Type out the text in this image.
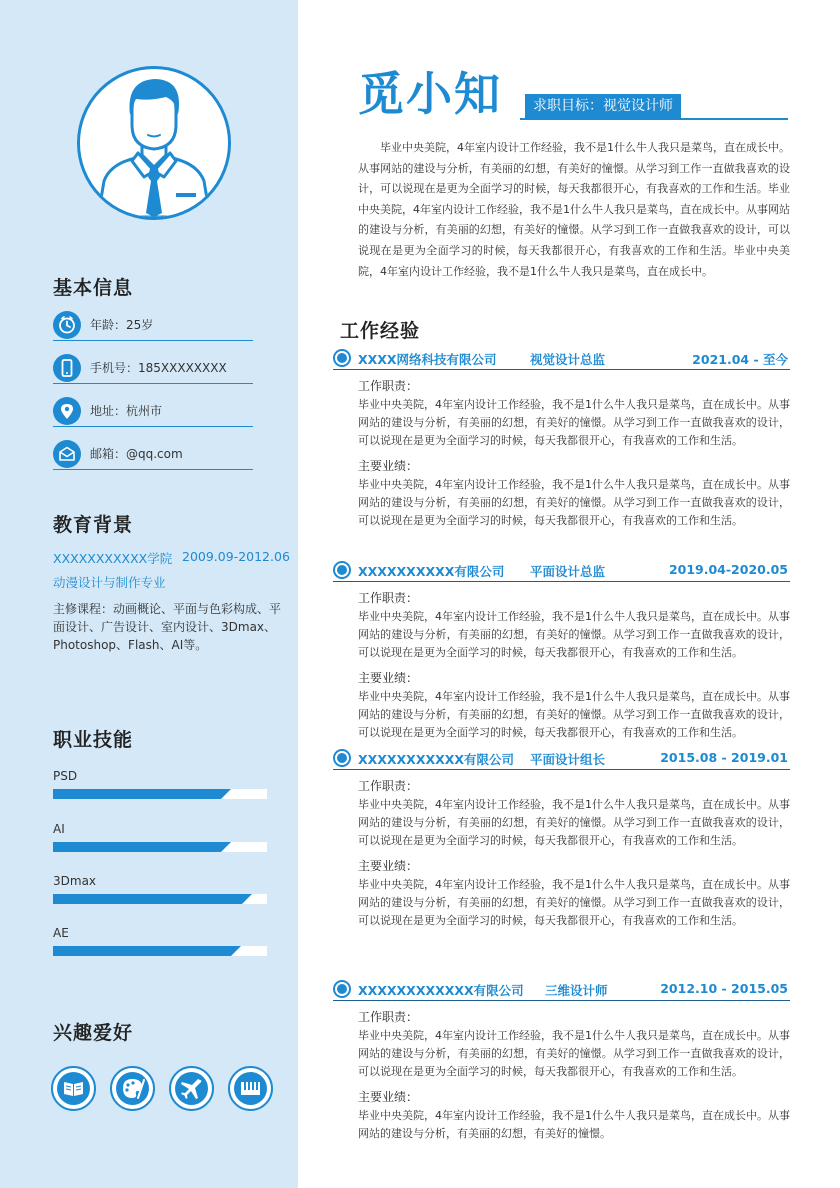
基本信息
年龄：25岁
手机号：185XXXXXXXX
地址：杭州市
邮箱：@qq.com
教育背景
XXXXXXXXXXX学院 2009.09-2012.06
动漫设计与制作专业
主修课程：动画概论、平面与色彩构成、平面设计、广告设计、室内设计、3Dmax、Photoshop、Flash、AI等。
职业技能
PSD
AI
3Dmax
AE
兴趣爱好
觅小知	求职目标：视觉设计师
毕业中央美院，4年室内设计工作经验，我不是1什么牛人我只是菜鸟，直在成长中。从事网站的建设与分析，有美丽的幻想，有美好的憧憬。从学习到工作一直做我喜欢的设计，可以说现在是更为全面学习的时候，每天我都很开心，有我喜欢的工作和生活。毕业中央美院，4年室内设计工作经验，我不是1什么牛人我只是菜鸟，直在成长中。从事网站的建设与分析，有美丽的幻想，有美好的憧憬。从学习到工作一直做我喜欢的设计，可以说现在是更为全面学习的时候，每天我都很开心，有我喜欢的工作和生活。毕业中央美院，4年室内设计工作经验，我不是1什么牛人我只是菜鸟，直在成长中。
工作经验
XXXX网络科技有限公司	视觉设计总监	2021.04 - 至今
工作职责：
毕业中央美院，4年室内设计工作经验，我不是1什么牛人我只是菜鸟，直在成长中。从事网站的建设与分析，有美丽的幻想，有美好的憧憬。从学习到工作一直做我喜欢的设计，可以说现在是更为全面学习的时候，每天我都很开心，有我喜欢的工作和生活。
主要业绩：
毕业中央美院，4年室内设计工作经验，我不是1什么牛人我只是菜鸟，直在成长中。从事网站的建设与分析，有美丽的幻想，有美好的憧憬。从学习到工作一直做我喜欢的设计，可以说现在是更为全面学习的时候，每天我都很开心，有我喜欢的工作和生活。
XXXXXXXXXX有限公司 平面设计总监	2019.04-2020.05
工作职责：
毕业中央美院，4年室内设计工作经验，我不是1什么牛人我只是菜鸟，直在成长中。从事网站的建设与分析，有美丽的幻想，有美好的憧憬。从学习到工作一直做我喜欢的设计，可以说现在是更为全面学习的时候，每天我都很开心，有我喜欢的工作和生活。
主要业绩：
毕业中央美院，4年室内设计工作经验，我不是1什么牛人我只是菜鸟，直在成长中。从事网站的建设与分析，有美丽的幻想，有美好的憧憬。从学习到工作一直做我喜欢的设计，可以说现在是更为全面学习的时候，每天我都很开心，有我喜欢的工作和生活。
XXXXXXXXXXX有限公司 平面设计组长	2015.08 - 2019.01
工作职责：
毕业中央美院，4年室内设计工作经验，我不是1什么牛人我只是菜鸟，直在成长中。从事网站的建设与分析，有美丽的幻想，有美好的憧憬。从学习到工作一直做我喜欢的设计，可以说现在是更为全面学习的时候，每天我都很开心，有我喜欢的工作和生活。
主要业绩：
毕业中央美院，4年室内设计工作经验，我不是1什么牛人我只是菜鸟，直在成长中。从事网站的建设与分析，有美丽的幻想，有美好的憧憬。从学习到工作一直做我喜欢的设计，可以说现在是更为全面学习的时候，每天我都很开心，有我喜欢的工作和生活。
XXXXXXXXXXXX有限公司 三维设计师	2012.10 - 2015.05
工作职责：
毕业中央美院，4年室内设计工作经验，我不是1什么牛人我只是菜鸟，直在成长中。从事网站的建设与分析，有美丽的幻想，有美好的憧憬。从学习到工作一直做我喜欢的设计，可以说现在是更为全面学习的时候，每天我都很开心，有我喜欢的工作和生活。
主要业绩：
毕业中央美院，4年室内设计工作经验，我不是1什么牛人我只是菜鸟，直在成长中。从事网站的建设与分析，有美丽的幻想，有美好的憧憬。
